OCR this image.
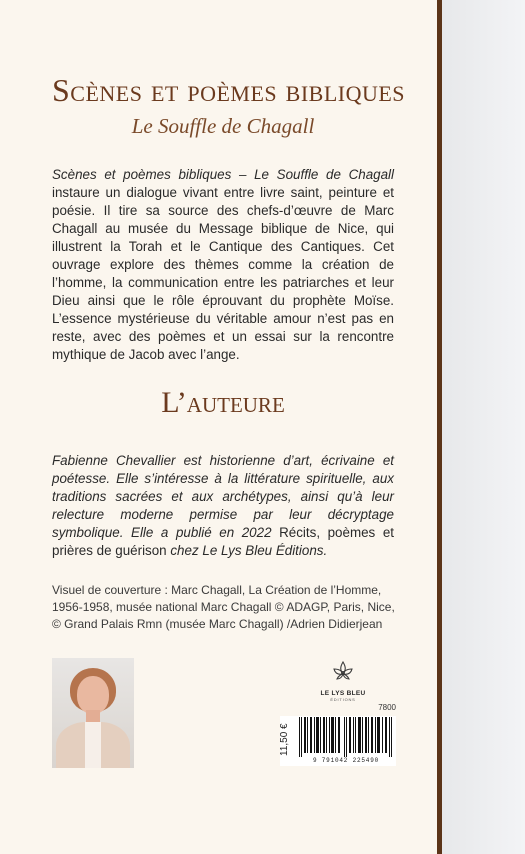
Scènes et poèmes bibliques
Le Souffle de Chagall

Scènes et poèmes bibliques – Le Souffle de Chagall instaure un dialogue vivant entre livre saint, peinture et poésie. Il tire sa source des chefs-d’œuvre de Marc Chagall au musée du Message biblique de Nice, qui illustrent la Torah et le Cantique des Cantiques. Cet ouvrage explore des thèmes comme la création de l’homme, la communication entre les patriarches et leur Dieu ainsi que le rôle éprouvant du prophète Moïse. L’essence mystérieuse du véritable amour n’est pas en reste, avec des poèmes et un essai sur la rencontre mythique de Jacob avec l’ange.

L’auteure

Fabienne Chevallier est historienne d’art, écrivaine et poétesse. Elle s’intéresse à la littérature spirituelle, aux traditions sacrées et aux archétypes, ainsi qu’à leur relecture moderne permise par leur décryptage symbolique. Elle a publié en 2022 Récits, poèmes et prières de guérison chez Le Lys Bleu Éditions.

Visuel de couverture : Marc Chagall, La Création de l’Homme, 1956-1958, musée national Marc Chagall © ADAGP, Paris, Nice, © Grand Palais Rmn (musée Marc Chagall) /Adrien Didierjean

LE LYS BLEU
ÉDITIONS
7800
11,50 €
9 791042 225490
